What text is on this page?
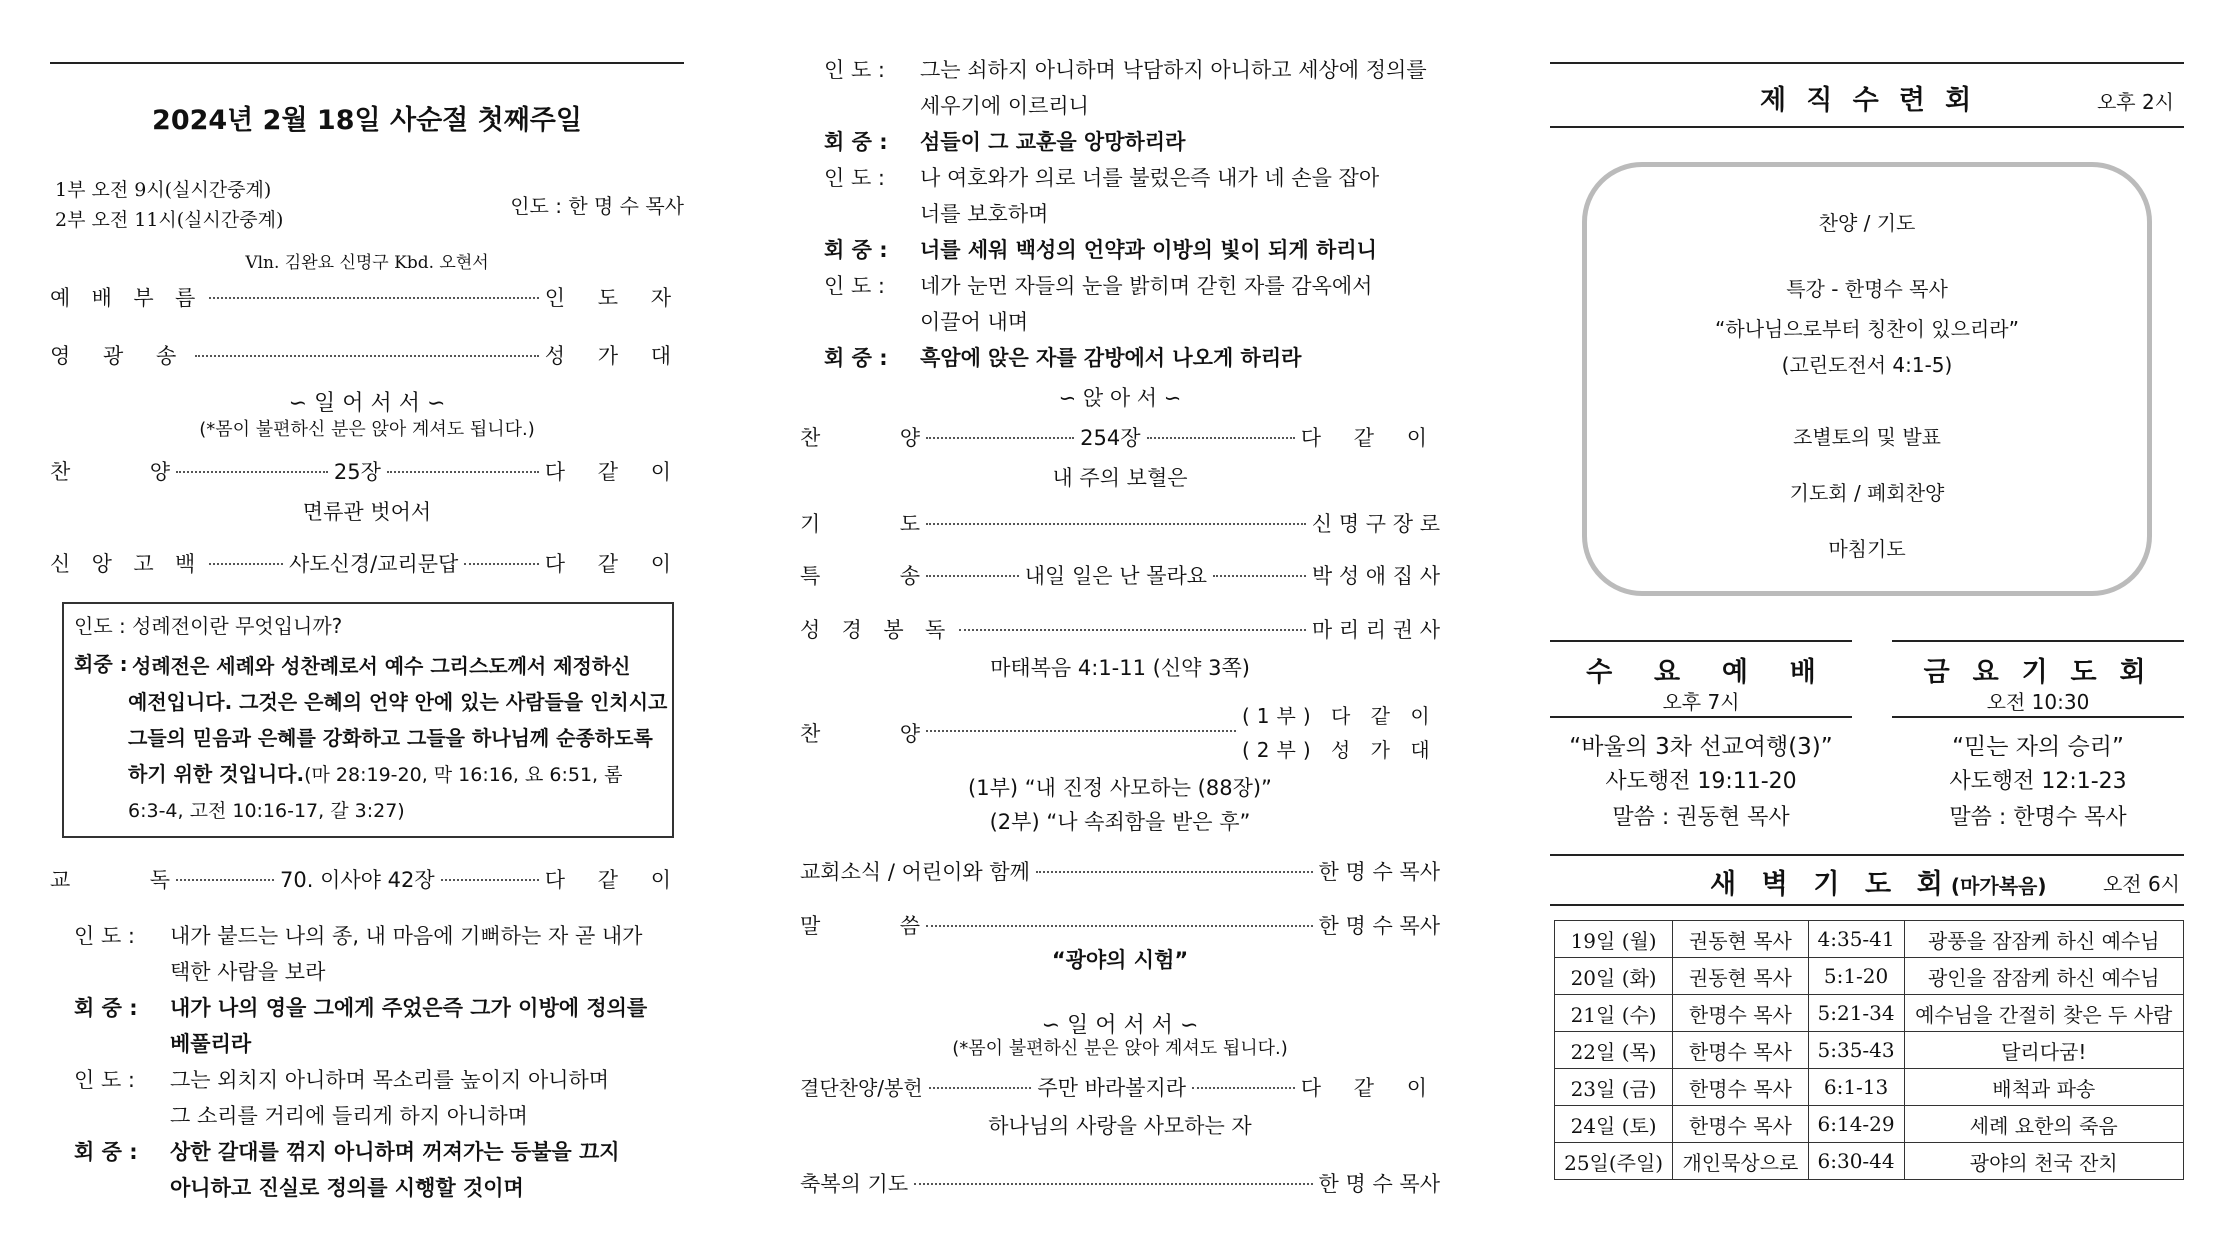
2024년 2월 18일 사순절 첫째주일
1부 오전 9시(실시간중계)
2부 오전 11시(실시간중계)
인도 : 한 명 수 목사
Vln. 김완요 신명구 Kbd. 오현서
예 배 부 름	인 도 자
영 광 송	성 가 대
∽ 일 어 서 서 ∽
(*몸이 불편하신 분은 앉아 계셔도 됩니다.)
찬	양	25장	다 같 이
면류관 벗어서
신 앙 고 백	사도신경/교리문답	다 같 이
인도 : 성례전이란 무엇입니까?
회중 : 성례전은 세례와 성찬례로서 예수 그리스도께서 제정하신
예전입니다. 그것은 은혜의 언약 안에 있는 사람들을 인치시고
그들의 믿음과 은혜를 강화하고 그들을 하나님께 순종하도록
하기 위한 것입니다.(마 28:19-20, 막 16:16, 요 6:51, 롬
6:3-4, 고전 10:16-17, 갈 3:27)
교	독	70. 이사야 42장	다 같 이
인 도 : 내가 붙드는 나의 종, 내 마음에 기뻐하는 자 곧 내가
택한 사람을 보라
회 중 : 내가 나의 영을 그에게 주었은즉 그가 이방에 정의를
베풀리라
인 도 : 그는 외치지 아니하며 목소리를 높이지 아니하며
그 소리를 거리에 들리게 하지 아니하며
회 중 : 상한 갈대를 꺾지 아니하며 꺼져가는 등불을 끄지
아니하고 진실로 정의를 시행할 것이며
인 도 : 그는 쇠하지 아니하며 낙담하지 아니하고 세상에 정의를
세우기에 이르리니
회 중 : 섬들이 그 교훈을 앙망하리라
인 도 : 나 여호와가 의로 너를 불렀은즉 내가 네 손을 잡아
너를 보호하며
회 중 : 너를 세워 백성의 언약과 이방의 빛이 되게 하리니
인 도 : 네가 눈먼 자들의 눈을 밝히며 갇힌 자를 감옥에서
이끌어 내며
회 중 : 흑암에 앉은 자를 감방에서 나오게 하리라
∽ 앉 아 서 ∽
찬	양	254장	다 같 이
내 주의 보혈은
기	도	신 명 구 장 로
특	송	내일 일은 난 몰라요	박 성 애 집 사
성 경 봉 독	마 리 리 권 사
마태복음 4:1-11 (신약 3쪽)
찬	양
(1부) 다 같 이
(2부) 성 가 대
(1부) “내 진정 사모하는 (88장)”
(2부) “나 속죄함을 받은 후”
교회소식 / 어린이와 함께	한 명 수 목사
말	씀	한 명 수 목사
“광야의 시험”
∽ 일 어 서 서 ∽
(*몸이 불편하신 분은 앉아 계셔도 됩니다.)
결단찬양/봉헌	주만 바라볼지라	다 같 이
하나님의 사랑을 사모하는 자
축복의 기도	한 명 수 목사
제 직 수 련 회	오후 2시
찬양 / 기도
특강 - 한명수 목사
“하나님으로부터 칭찬이 있으리라”
(고린도전서 4:1-5)
조별토의 및 발표
기도회 / 폐회찬양
마침기도
수 요 예 배
오후 7시
“바울의 3차 선교여행(3)”
사도행전 19:11-20
말씀 : 권동현 목사
금 요 기 도 회
오전 10:30
“믿는 자의 승리”
사도행전 12:1-23
말씀 : 한명수 목사
새 벽 기 도 회(마가복음)	오전 6시
19일 (월)	권동현 목사	4:35-41	광풍을 잠잠케 하신 예수님
20일 (화)	권동현 목사	5:1-20	광인을 잠잠케 하신 예수님
21일 (수)	한명수 목사	5:21-34	예수님을 간절히 찾은 두 사람
22일 (목)	한명수 목사	5:35-43	달리다굼!
23일 (금)	한명수 목사	6:1-13	배척과 파송
24일 (토)	한명수 목사	6:14-29	세례 요한의 죽음
25일(주일)	개인묵상으로	6:30-44	광야의 천국 잔치
